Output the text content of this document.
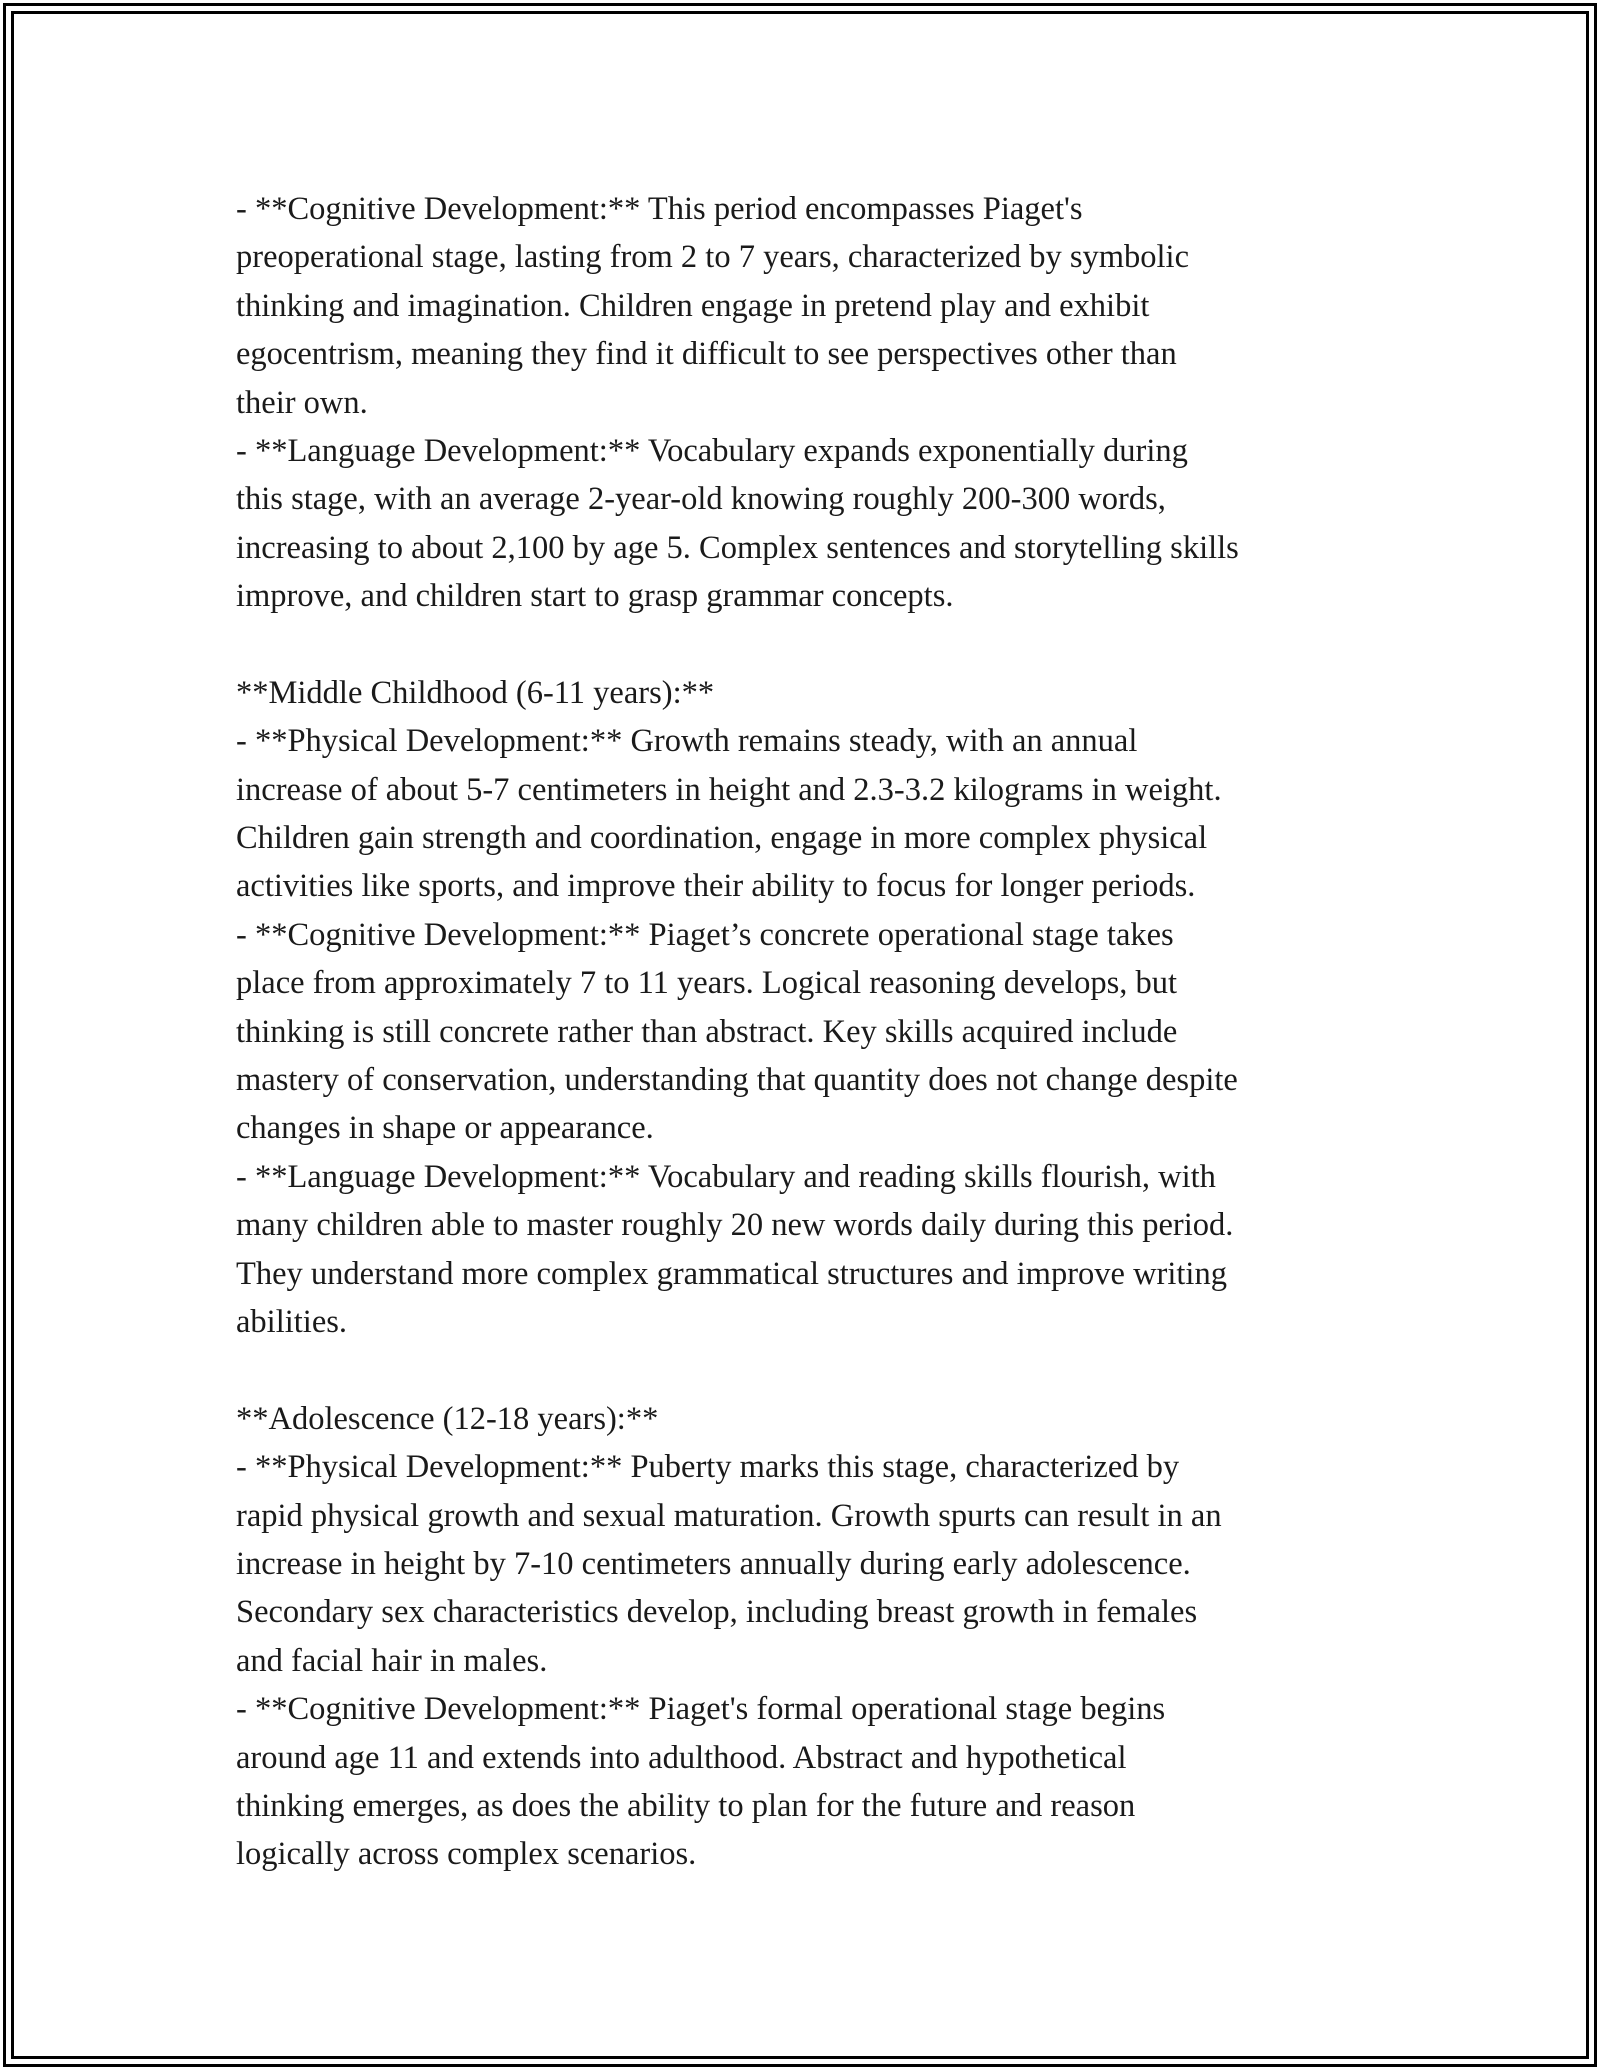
- **Cognitive Development:** This period encompasses Piaget's
preoperational stage, lasting from 2 to 7 years, characterized by symbolic
thinking and imagination. Children engage in pretend play and exhibit
egocentrism, meaning they find it difficult to see perspectives other than
their own.
- **Language Development:** Vocabulary expands exponentially during
this stage, with an average 2-year-old knowing roughly 200-300 words,
increasing to about 2,100 by age 5. Complex sentences and storytelling skills
improve, and children start to grasp grammar concepts.
**Middle Childhood (6-11 years):**
- **Physical Development:** Growth remains steady, with an annual
increase of about 5-7 centimeters in height and 2.3-3.2 kilograms in weight.
Children gain strength and coordination, engage in more complex physical
activities like sports, and improve their ability to focus for longer periods.
- **Cognitive Development:** Piaget’s concrete operational stage takes
place from approximately 7 to 11 years. Logical reasoning develops, but
thinking is still concrete rather than abstract. Key skills acquired include
mastery of conservation, understanding that quantity does not change despite
changes in shape or appearance.
- **Language Development:** Vocabulary and reading skills flourish, with
many children able to master roughly 20 new words daily during this period.
They understand more complex grammatical structures and improve writing
abilities.
**Adolescence (12-18 years):**
- **Physical Development:** Puberty marks this stage, characterized by
rapid physical growth and sexual maturation. Growth spurts can result in an
increase in height by 7-10 centimeters annually during early adolescence.
Secondary sex characteristics develop, including breast growth in females
and facial hair in males.
- **Cognitive Development:** Piaget's formal operational stage begins
around age 11 and extends into adulthood. Abstract and hypothetical
thinking emerges, as does the ability to plan for the future and reason
logically across complex scenarios.
